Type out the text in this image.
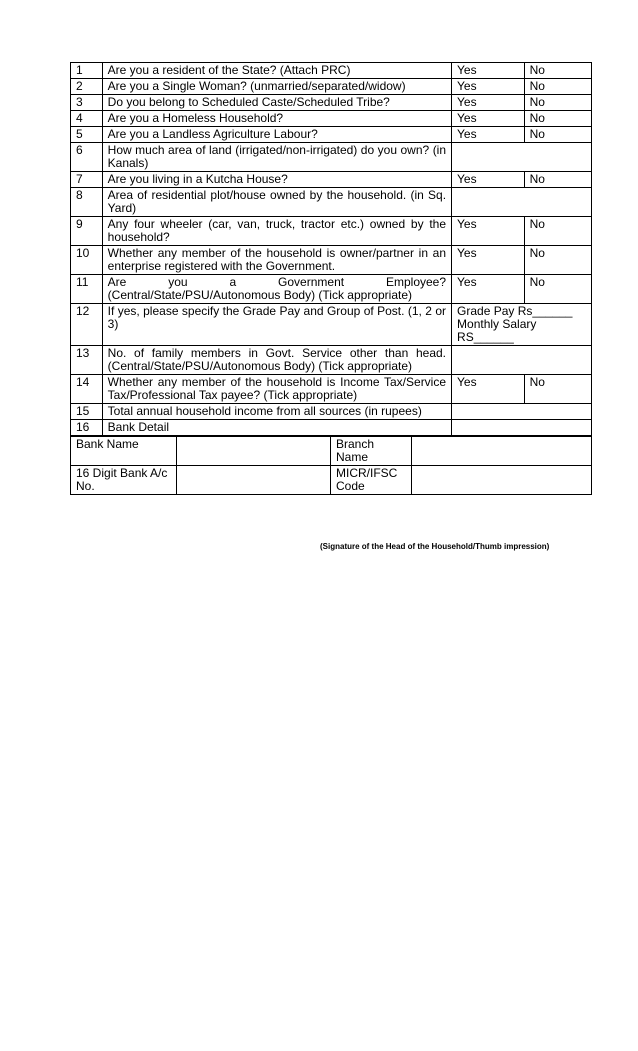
1	Are you a resident of the State? (Attach PRC)	Yes	No
2	Are you a Single Woman? (unmarried/separated/widow)	Yes	No
3	Do you belong to Scheduled Caste/Scheduled Tribe?	Yes	No
4	Are you a Homeless Household?	Yes	No
5	Are you a Landless Agriculture Labour?	Yes	No
6	How much area of land (irrigated/non-irrigated) do you own? (in Kanals)		
7	Are you living in a Kutcha House?	Yes	No
8	Area of residential plot/house owned by the household. (in Sq. Yard)		
9	Any four wheeler (car, van, truck, tractor etc.) owned by the household?	Yes	No
10	Whether any member of the household is owner/partner in an enterprise registered with the Government.	Yes	No
11	Are you a Government Employee? (Central/State/PSU/Autonomous Body) (Tick appropriate)	Yes	No
12	If yes, please specify the Grade Pay and Group of Post. (1, 2 or 3)	Grade Pay Rs______
Monthly Salary RS______	

13	No. of family members in Govt. Service other than head. (Central/State/PSU/Autonomous Body) (Tick appropriate)		
14	Whether any member of the household is Income Tax/Service Tax/Professional Tax payee? (Tick appropriate)	Yes	No
15	Total annual household income from all sources (in rupees)		
16	Bank Detail		
Bank Name		Branch Name	
16 Digit Bank A/c No.		MICR/IFSC Code	
(Signature of the Head of the Household/Thumb impression)
